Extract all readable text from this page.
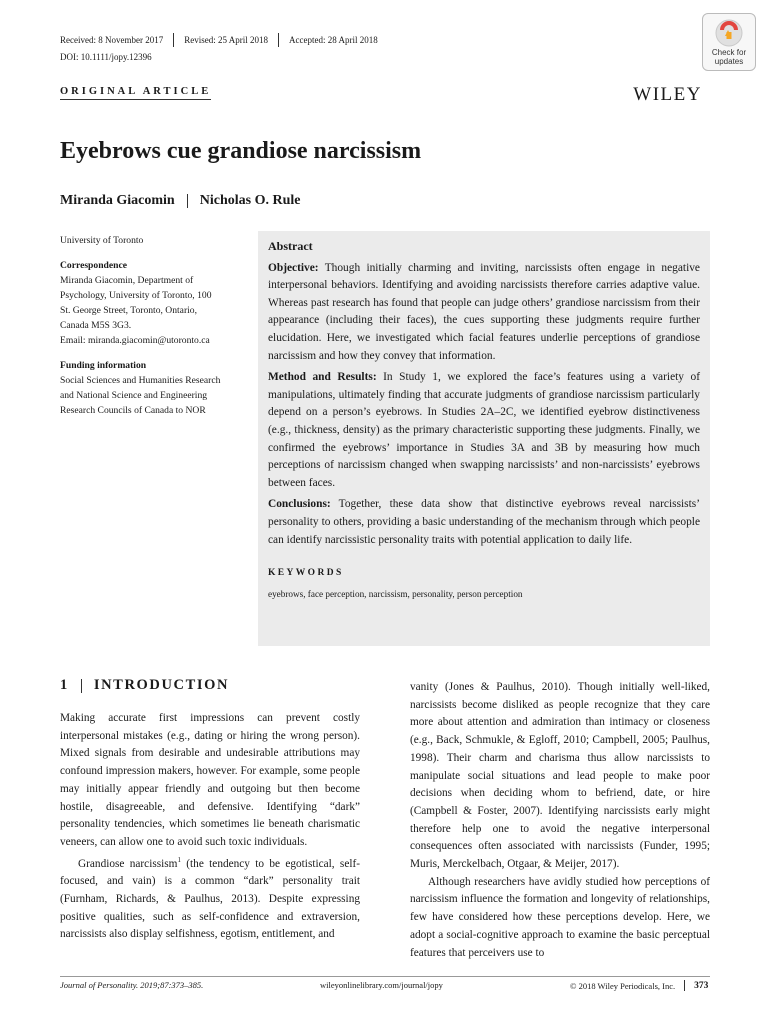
Received: 8 November 2017 Revised: 25 April 2018 Accepted: 28 April 2018
DOI: 10.1111/jopy.12396	Check for
updates
ORIGINAL ARTICLE	WILEY
Eyebrows cue grandiose narcissism
Miranda Giacomin Nicholas O. Rule
University of Toronto
Correspondence
Miranda Giacomin, Department of
Psychology, University of Toronto, 100
St. George Street, Toronto, Ontario,
Canada M5S 3G3.
Email: miranda.giacomin@utoronto.ca
Funding information
Social Sciences and Humanities Research
and National Science and Engineering
Research Councils of Canada to NOR
Abstract

Objective: Though initially charming and inviting, narcissists often engage in negative interpersonal behaviors. Identifying and avoiding narcissists therefore carries adaptive value. Whereas past research has found that people can judge others’ grandiose narcissism from their appearance (including their faces), the cues supporting these judgments require further elucidation. Here, we investigated which facial features underlie perceptions of grandiose narcissism and how they convey that information.

Method and Results: In Study 1, we explored the face’s features using a variety of manipulations, ultimately finding that accurate judgments of grandiose narcissism particularly depend on a person’s eyebrows. In Studies 2A–2C, we identified eyebrow distinctiveness (e.g., thickness, density) as the primary characteristic supporting these judgments. Finally, we confirmed the eyebrows’ importance in Studies 3A and 3B by measuring how much perceptions of narcissism changed when swapping narcissists’ and non-narcissists’ eyebrows between faces.

Conclusions: Together, these data show that distinctive eyebrows reveal narcissists’ personality to others, providing a basic understanding of the mechanism through which people can identify narcissistic personality traits with potential application to daily life.

KEYWORDS
eyebrows, face perception, narcissism, personality, person perception
1 INTRODUCTION

Making accurate first impressions can prevent costly interpersonal mistakes (e.g., dating or hiring the wrong person). Mixed signals from desirable and undesirable attributions may confound impression makers, however. For example, some people may initially appear friendly and outgoing but then become hostile, disagreeable, and defensive. Identifying “dark” personality tendencies, which sometimes lie beneath charismatic veneers, can allow one to avoid such toxic individuals.

Grandiose narcissism$^1$ (the tendency to be egotistical, self-focused, and vain) is a common “dark” personality trait (Furnham, Richards, & Paulhus, 2013). Despite expressing positive qualities, such as self-confidence and extraversion, narcissists also display selfishness, egotism, entitlement, and

vanity (Jones & Paulhus, 2010). Though initially well-liked, narcissists become disliked as people recognize that they care more about attention and admiration than intimacy or closeness (e.g., Back, Schmukle, & Egloff, 2010; Campbell, 2005; Paulhus, 1998). Their charm and charisma thus allow narcissists to manipulate social situations and lead people to make poor decisions when deciding whom to befriend, date, or hire (Campbell & Foster, 2007). Identifying narcissists early might therefore help one to avoid the negative interpersonal consequences often associated with narcissists (Funder, 1995; Muris, Merckelbach, Otgaar, & Meijer, 2017).

Although researchers have avidly studied how perceptions of narcissism influence the formation and longevity of relationships, few have considered how these perceptions develop. Here, we adopt a social-cognitive approach to examine the basic perceptual features that perceivers use to

Journal of Personality. 2019;87:373–385.	wileyonlinelibrary.com/journal/jopy	© 2018 Wiley Periodicals, Inc. 373
